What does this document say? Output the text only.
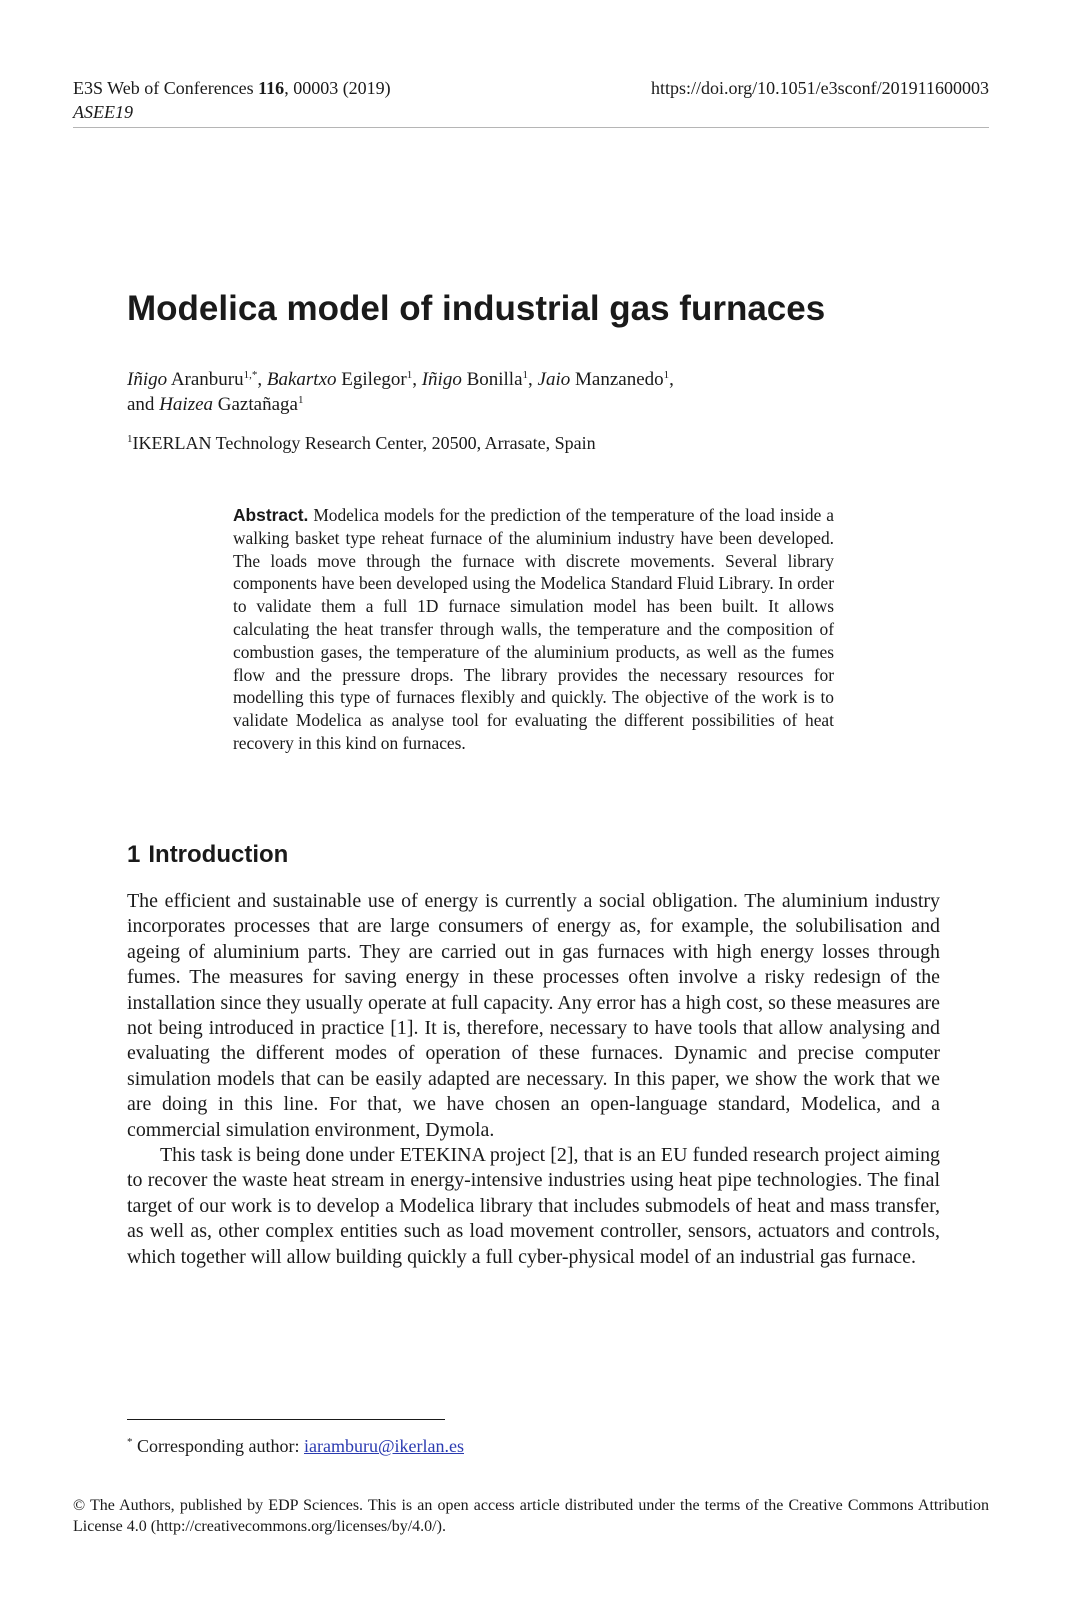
E3S Web of Conferences 116, 00003 (2019)
ASEE19
https://doi.org/10.1051/e3sconf/201911600003
Modelica model of industrial gas furnaces
Iñigo Aranburu$^{1,*}$, Bakartxo Egilegor$^1$, Iñigo Bonilla$^1$, Jaio Manzanedo$^1$,
and Haizea Gaztañaga$^1$
$^1$IKERLAN Technology Research Center, 20500, Arrasate, Spain

Abstract. Modelica models for the prediction of the temperature of the load inside a walking basket type reheat furnace of the aluminium industry have been developed. The loads move through the furnace with discrete movements. Several library components have been developed using the Modelica Standard Fluid Library. In order to validate them a full 1D furnace simulation model has been built. It allows calculating the heat transfer through walls, the temperature and the composition of combustion gases, the temperature of the aluminium products, as well as the fumes flow and the pressure drops. The library provides the necessary resources for modelling this type of furnaces flexibly and quickly. The objective of the work is to validate Modelica as analyse tool for evaluating the different possibilities of heat recovery in this kind on furnaces.

1 Introduction

The efficient and sustainable use of energy is currently a social obligation. The aluminium industry incorporates processes that are large consumers of energy as, for example, the solubilisation and ageing of aluminium parts. They are carried out in gas furnaces with high energy losses through fumes. The measures for saving energy in these processes often involve a risky redesign of the installation since they usually operate at full capacity. Any error has a high cost, so these measures are not being introduced in practice [1]. It is, therefore, necessary to have tools that allow analysing and evaluating the different modes of operation of these furnaces. Dynamic and precise computer simulation models that can be easily adapted are necessary. In this paper, we show the work that we are doing in this line. For that, we have chosen an open-language standard, Modelica, and a commercial simulation environment, Dymola.

This task is being done under ETEKINA project [2], that is an EU funded research project aiming to recover the waste heat stream in energy-intensive industries using heat pipe technologies. The final target of our work is to develop a Modelica library that includes submodels of heat and mass transfer, as well as, other complex entities such as load movement controller, sensors, actuators and controls, which together will allow building quickly a full cyber-physical model of an industrial gas furnace.

* Corresponding author: iaramburu@ikerlan.es

© The Authors, published by EDP Sciences. This is an open access article distributed under the terms of the Creative Commons Attribution License 4.0 (http://creativecommons.org/licenses/by/4.0/).
